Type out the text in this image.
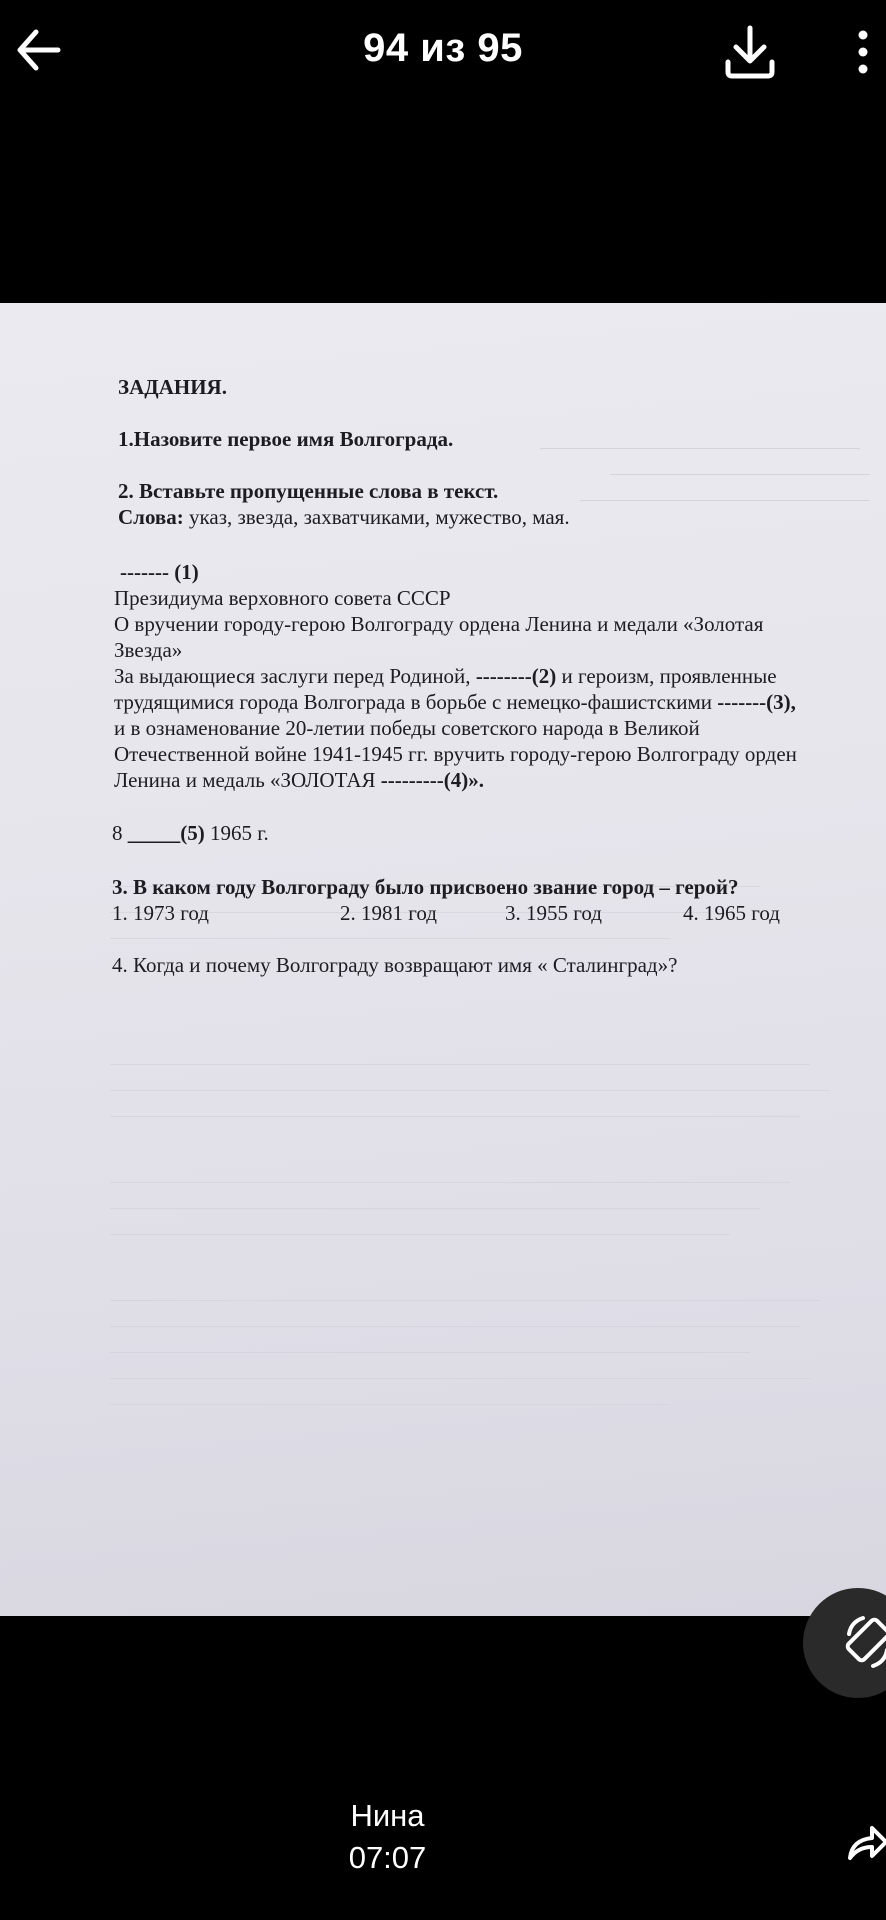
94 из 95
ЗАДАНИЯ.
1.Назовите первое имя Волгограда.
2. Вставьте пропущенные слова в текст.
Слова: указ, звезда, захватчиками, мужество, мая.
------- (1)
Президиума верховного совета СССР
О вручении городу-герою Волгограду ордена Ленина и медали «Золотая
Звезда»
За выдающиеся заслуги перед Родиной, --------(2) и героизм, проявленные
трудящимися города Волгограда в борьбе с немецко-фашистскими -------(3),
и в ознаменование 20-летии победы советского народа в Великой
Отечественной войне 1941-1945 гг. вручить городу-герою Волгограду орден
Ленина и медаль «ЗОЛОТАЯ ---------(4)».
8 _____(5) 1965 г.
3. В каком году Волгограду было присвоено звание город – герой?
1. 1973 год	2. 1981 год	3. 1955 год	4. 1965 год
4. Когда и почему Волгограду возвращают имя « Сталинград»?
Нина
07:07
